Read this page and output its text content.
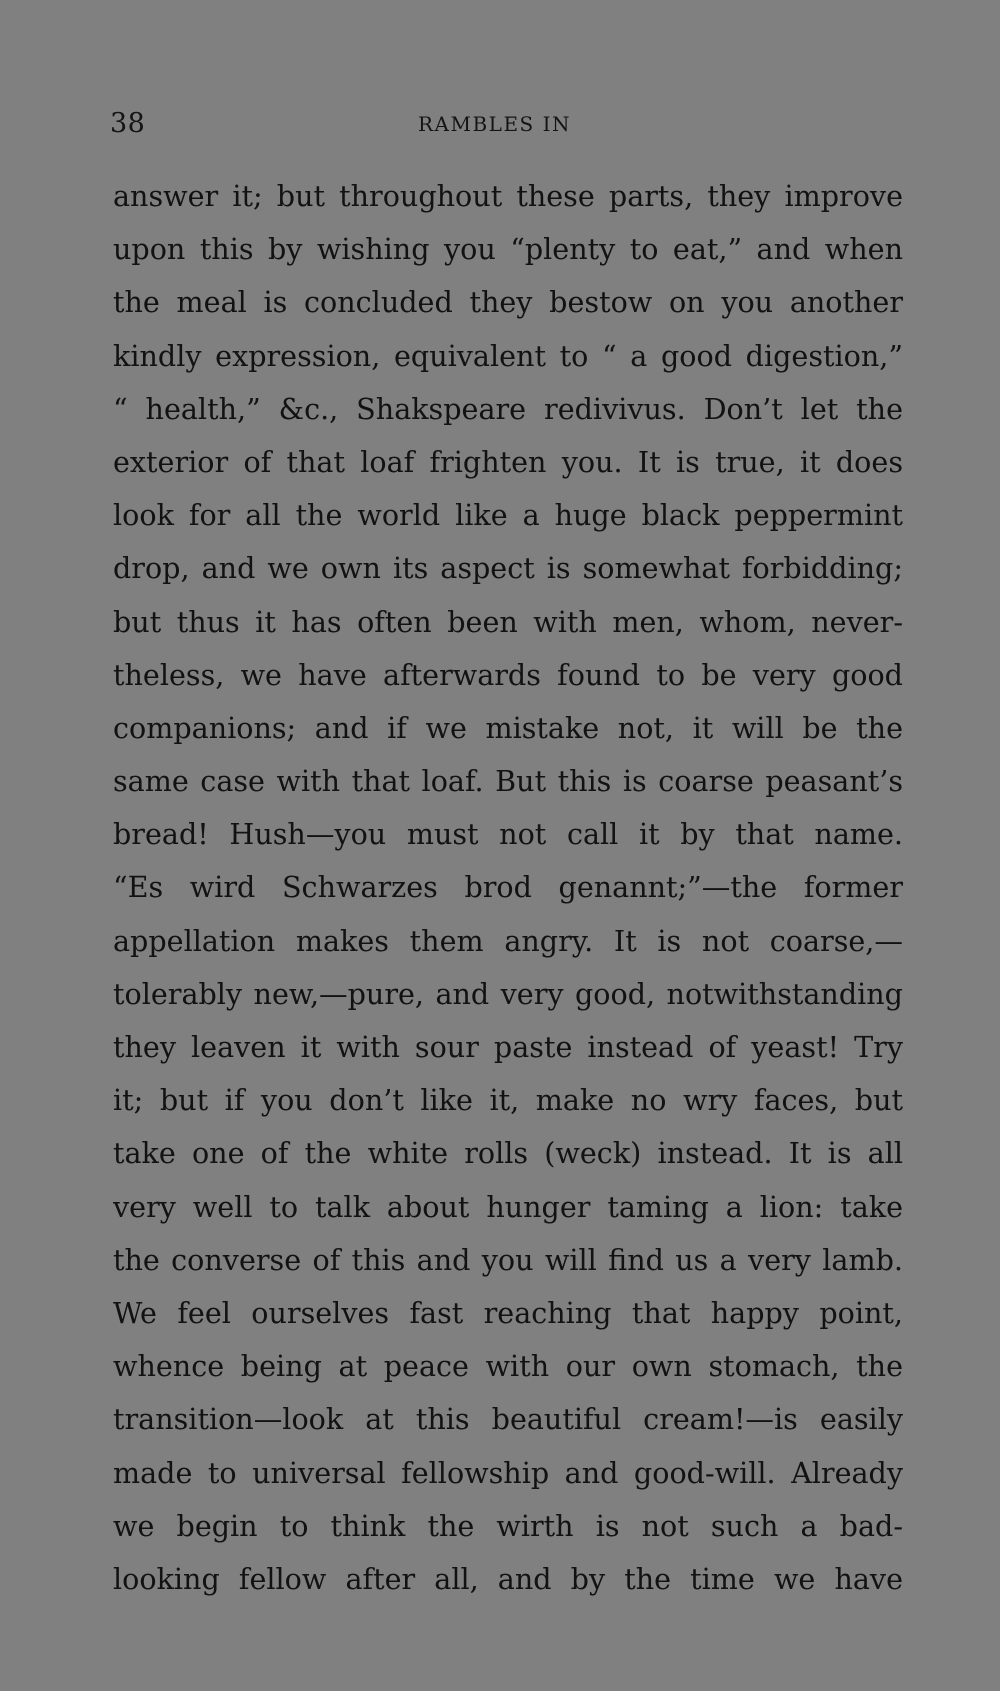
38	RAMBLES IN
answer it; but throughout these parts, they improve
upon this by wishing you “plenty to eat,” and when
the meal is concluded they bestow on you another
kindly expression, equivalent to “ a good digestion,”
“ health,” &c., Shakspeare redivivus. Don’t let the
exterior of that loaf frighten you. It is true, it does
look for all the world like a huge black peppermint
drop, and we own its aspect is somewhat forbidding;
but thus it has often been with men, whom, never-
theless, we have afterwards found to be very good
companions; and if we mistake not, it will be the
same case with that loaf. But this is coarse peasant’s
bread! Hush—you must not call it by that name.
“Es wird Schwarzes brod genannt;”—the former
appellation makes them angry. It is not coarse,—
tolerably new,—pure, and very good, notwithstanding
they leaven it with sour paste instead of yeast! Try
it; but if you don’t like it, make no wry faces, but
take one of the white rolls (weck) instead. It is all
very well to talk about hunger taming a lion: take
the converse of this and you will find us a very lamb.
We feel ourselves fast reaching that happy point,
whence being at peace with our own stomach, the
transition—look at this beautiful cream!—is easily
made to universal fellowship and good-will. Already
we begin to think the wirth is not such a bad-
looking fellow after all, and by the time we have
